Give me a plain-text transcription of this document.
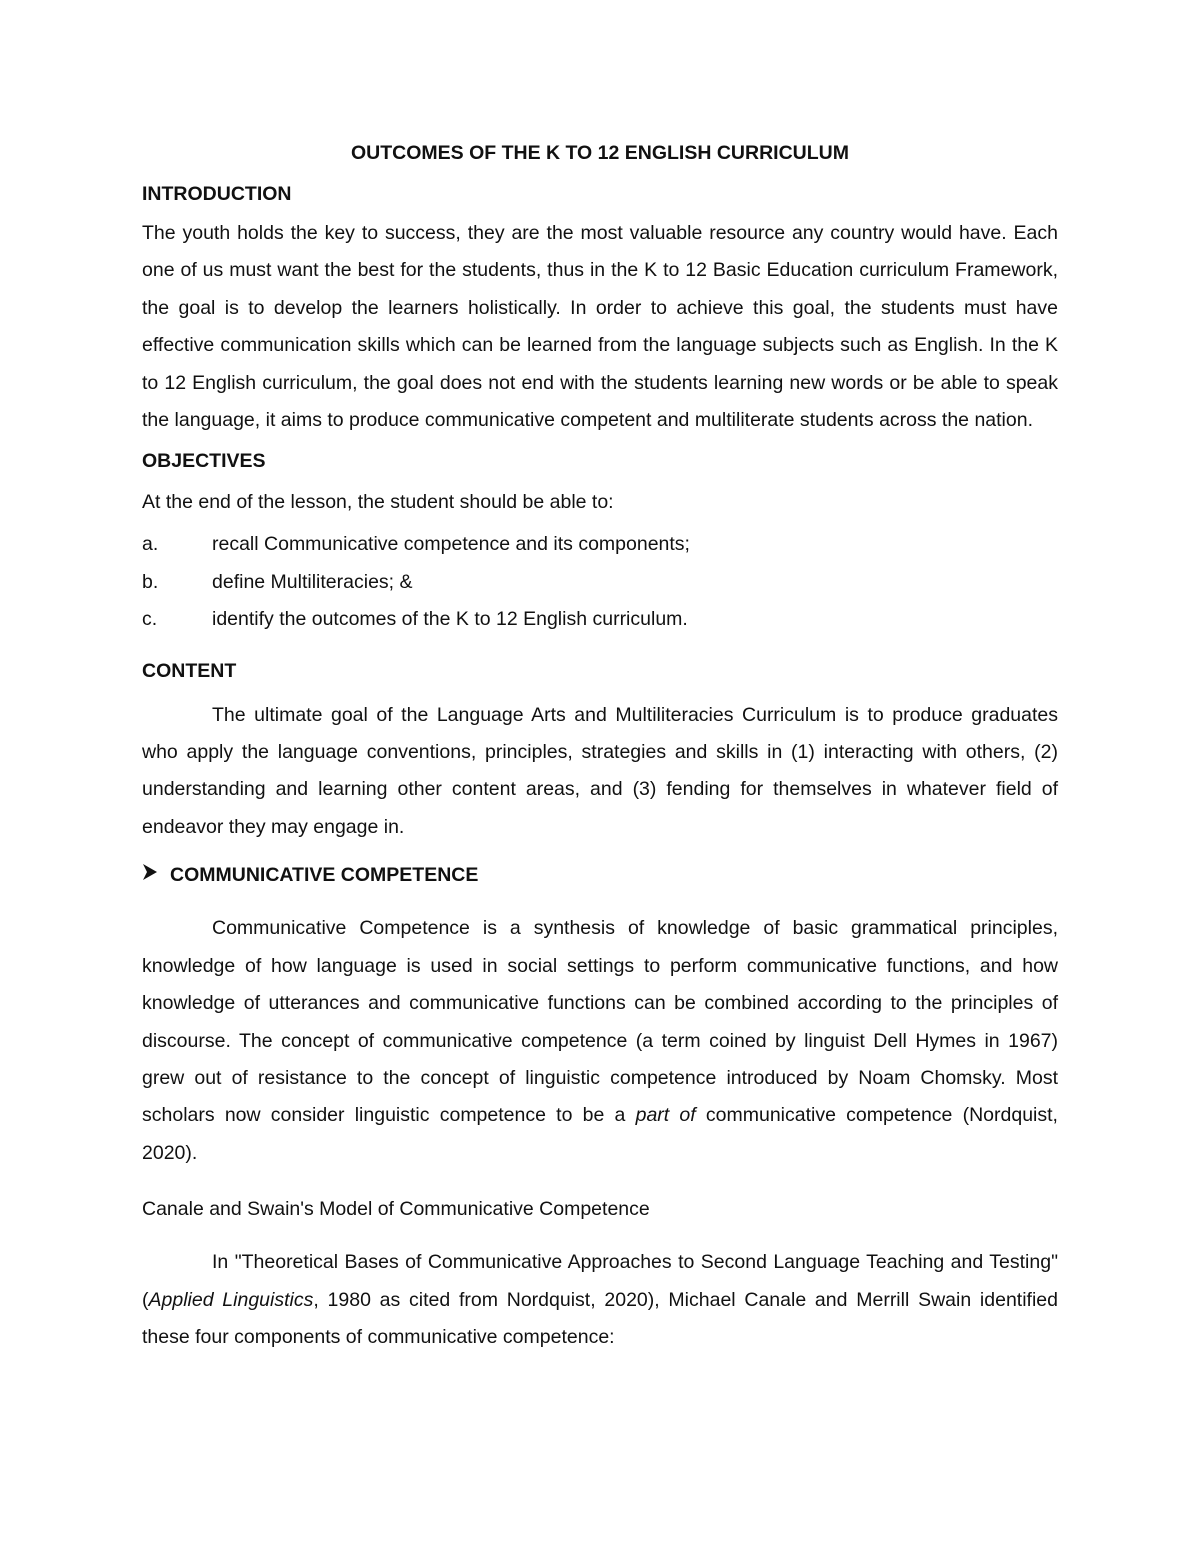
OUTCOMES OF THE K TO 12 ENGLISH CURRICULUM
INTRODUCTION

The youth holds the key to success, they are the most valuable resource any country would have. Each one of us must want the best for the students, thus in the K to 12 Basic Education curriculum Framework, the goal is to develop the learners holistically. In order to achieve this goal, the students must have effective communication skills which can be learned from the language subjects such as English. In the K to 12 English curriculum, the goal does not end with the students learning new words or be able to speak the language, it aims to produce communicative competent and multiliterate students across the nation.

OBJECTIVES

At the end of the lesson, the student should be able to:

a.	recall Communicative competence and its components;
b.	define Multiliteracies; &
c.	identify the outcomes of the K to 12 English curriculum.
CONTENT

The ultimate goal of the Language Arts and Multiliteracies Curriculum is to produce graduates who apply the language conventions, principles, strategies and skills in (1) interacting with others, (2) understanding and learning other content areas, and (3) fending for themselves in whatever field of endeavor they may engage in.

COMMUNICATIVE COMPETENCE

Communicative Competence is a synthesis of knowledge of basic grammatical principles, knowledge of how language is used in social settings to perform communicative functions, and how knowledge of utterances and communicative functions can be combined according to the principles of discourse. The concept of communicative competence (a term coined by linguist Dell Hymes in 1967) grew out of resistance to the concept of linguistic competence introduced by Noam Chomsky. Most scholars now consider linguistic competence to be a part of communicative competence (Nordquist, 2020).

Canale and Swain's Model of Communicative Competence

In "Theoretical Bases of Communicative Approaches to Second Language Teaching and Testing" (Applied Linguistics, 1980 as cited from Nordquist, 2020), Michael Canale and Merrill Swain identified these four components of communicative competence:
